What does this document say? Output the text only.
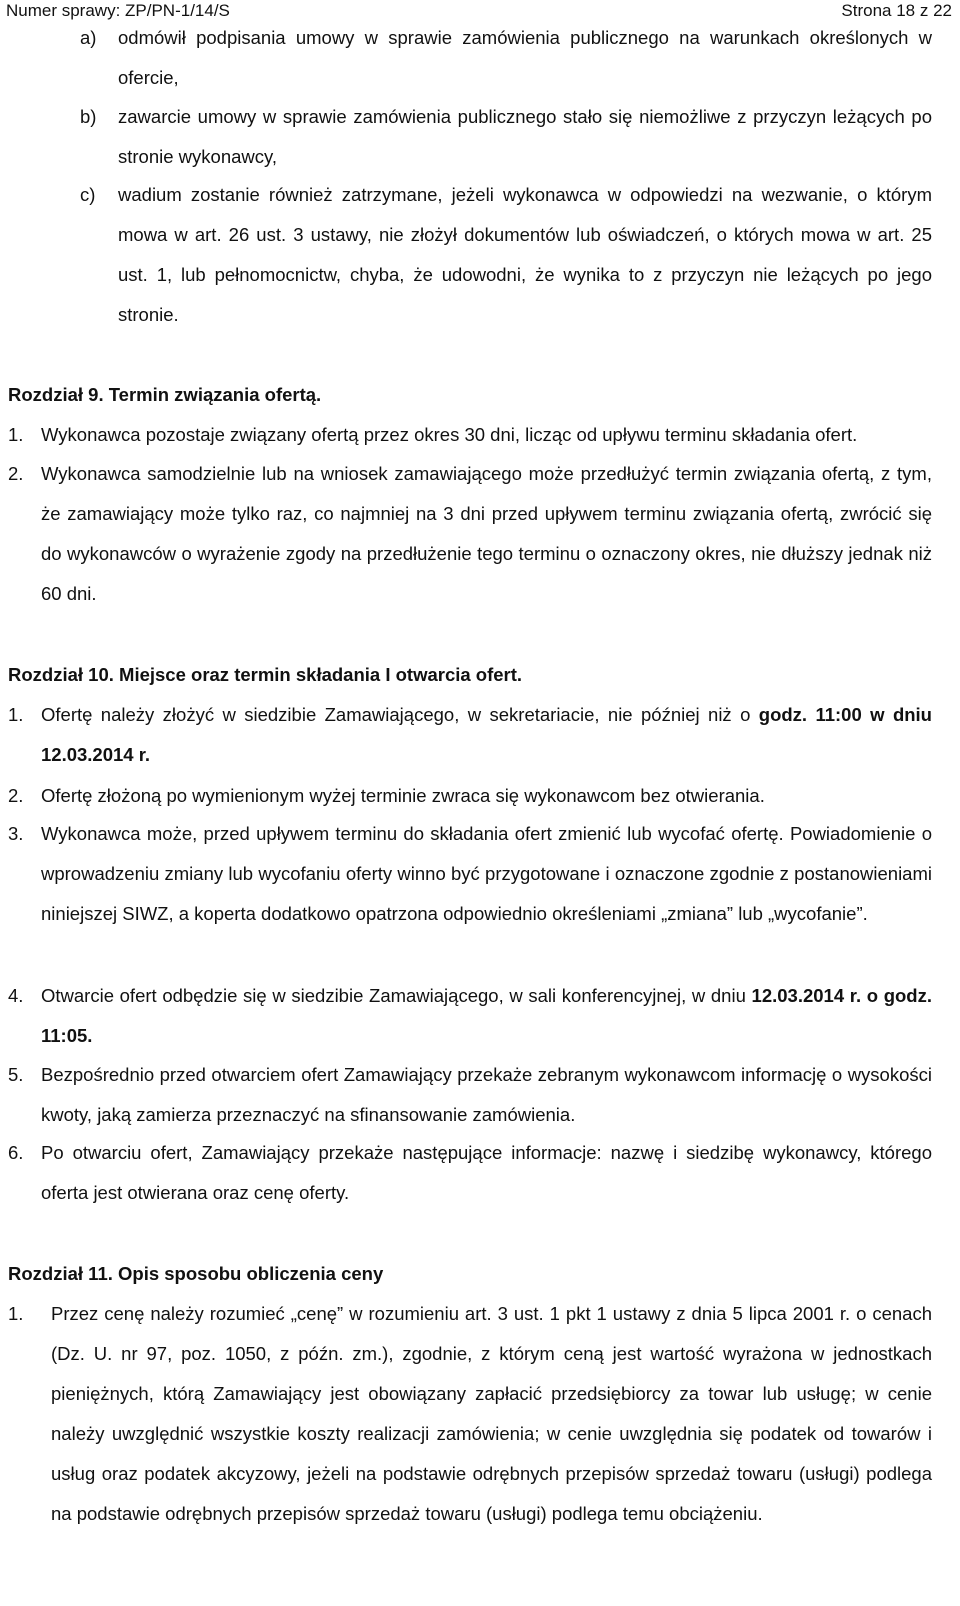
Numer sprawy: ZP/PN-1/14/S	Strona 18 z 22
a) odmówił podpisania umowy w sprawie zamówienia publicznego na warunkach określonych w ofercie,
b) zawarcie umowy w sprawie zamówienia publicznego stało się niemożliwe z przyczyn leżących po stronie wykonawcy,
c) wadium zostanie również zatrzymane, jeżeli wykonawca w odpowiedzi na wezwanie, o którym mowa w art. 26 ust. 3 ustawy, nie złożył dokumentów lub oświadczeń, o których mowa w art. 25 ust. 1, lub pełnomocnictw, chyba, że udowodni, że wynika to z przyczyn nie leżących po jego stronie.
Rozdział 9. Termin związania ofertą.
1. Wykonawca pozostaje związany ofertą przez okres 30 dni, licząc od upływu terminu składania ofert.
2. Wykonawca samodzielnie lub na wniosek zamawiającego może przedłużyć termin związania ofertą, z tym, że zamawiający może tylko raz, co najmniej na 3 dni przed upływem terminu związania ofertą, zwrócić się do wykonawców o wyrażenie zgody na przedłużenie tego terminu o oznaczony okres, nie dłuższy jednak niż 60 dni.
Rozdział 10. Miejsce oraz termin składania I otwarcia ofert.
1. Ofertę należy złożyć w siedzibie Zamawiającego, w sekretariacie, nie później niż o godz. 11:00 w dniu 12.03.2014 r.
2. Ofertę złożoną po wymienionym wyżej terminie zwraca się wykonawcom bez otwierania.
3. Wykonawca może, przed upływem terminu do składania ofert zmienić lub wycofać ofertę. Powiadomienie o wprowadzeniu zmiany lub wycofaniu oferty winno być przygotowane i oznaczone zgodnie z postanowieniami niniejszej SIWZ, a koperta dodatkowo opatrzona odpowiednio określeniami „zmiana” lub „wycofanie”.
4. Otwarcie ofert odbędzie się w siedzibie Zamawiającego, w sali konferencyjnej, w dniu 12.03.2014 r. o godz. 11:05.
5. Bezpośrednio przed otwarciem ofert Zamawiający przekaże zebranym wykonawcom informację o wysokości kwoty, jaką zamierza przeznaczyć na sfinansowanie zamówienia.
6. Po otwarciu ofert, Zamawiający przekaże następujące informacje: nazwę i siedzibę wykonawcy, którego oferta jest otwierana oraz cenę oferty.
Rozdział 11. Opis sposobu obliczenia ceny
1. Przez cenę należy rozumieć „cenę” w rozumieniu art. 3 ust. 1 pkt 1 ustawy z dnia 5 lipca 2001 r. o cenach (Dz. U. nr 97, poz. 1050, z późn. zm.), zgodnie, z którym ceną jest wartość wyrażona w jednostkach pieniężnych, którą Zamawiający jest obowiązany zapłacić przedsiębiorcy za towar lub usługę; w cenie należy uwzględnić wszystkie koszty realizacji zamówienia; w cenie uwzględnia się podatek od towarów i usług oraz podatek akcyzowy, jeżeli na podstawie odrębnych przepisów sprzedaż towaru (usługi) podlega na podstawie odrębnych przepisów sprzedaż towaru (usługi) podlega temu obciążeniu.
